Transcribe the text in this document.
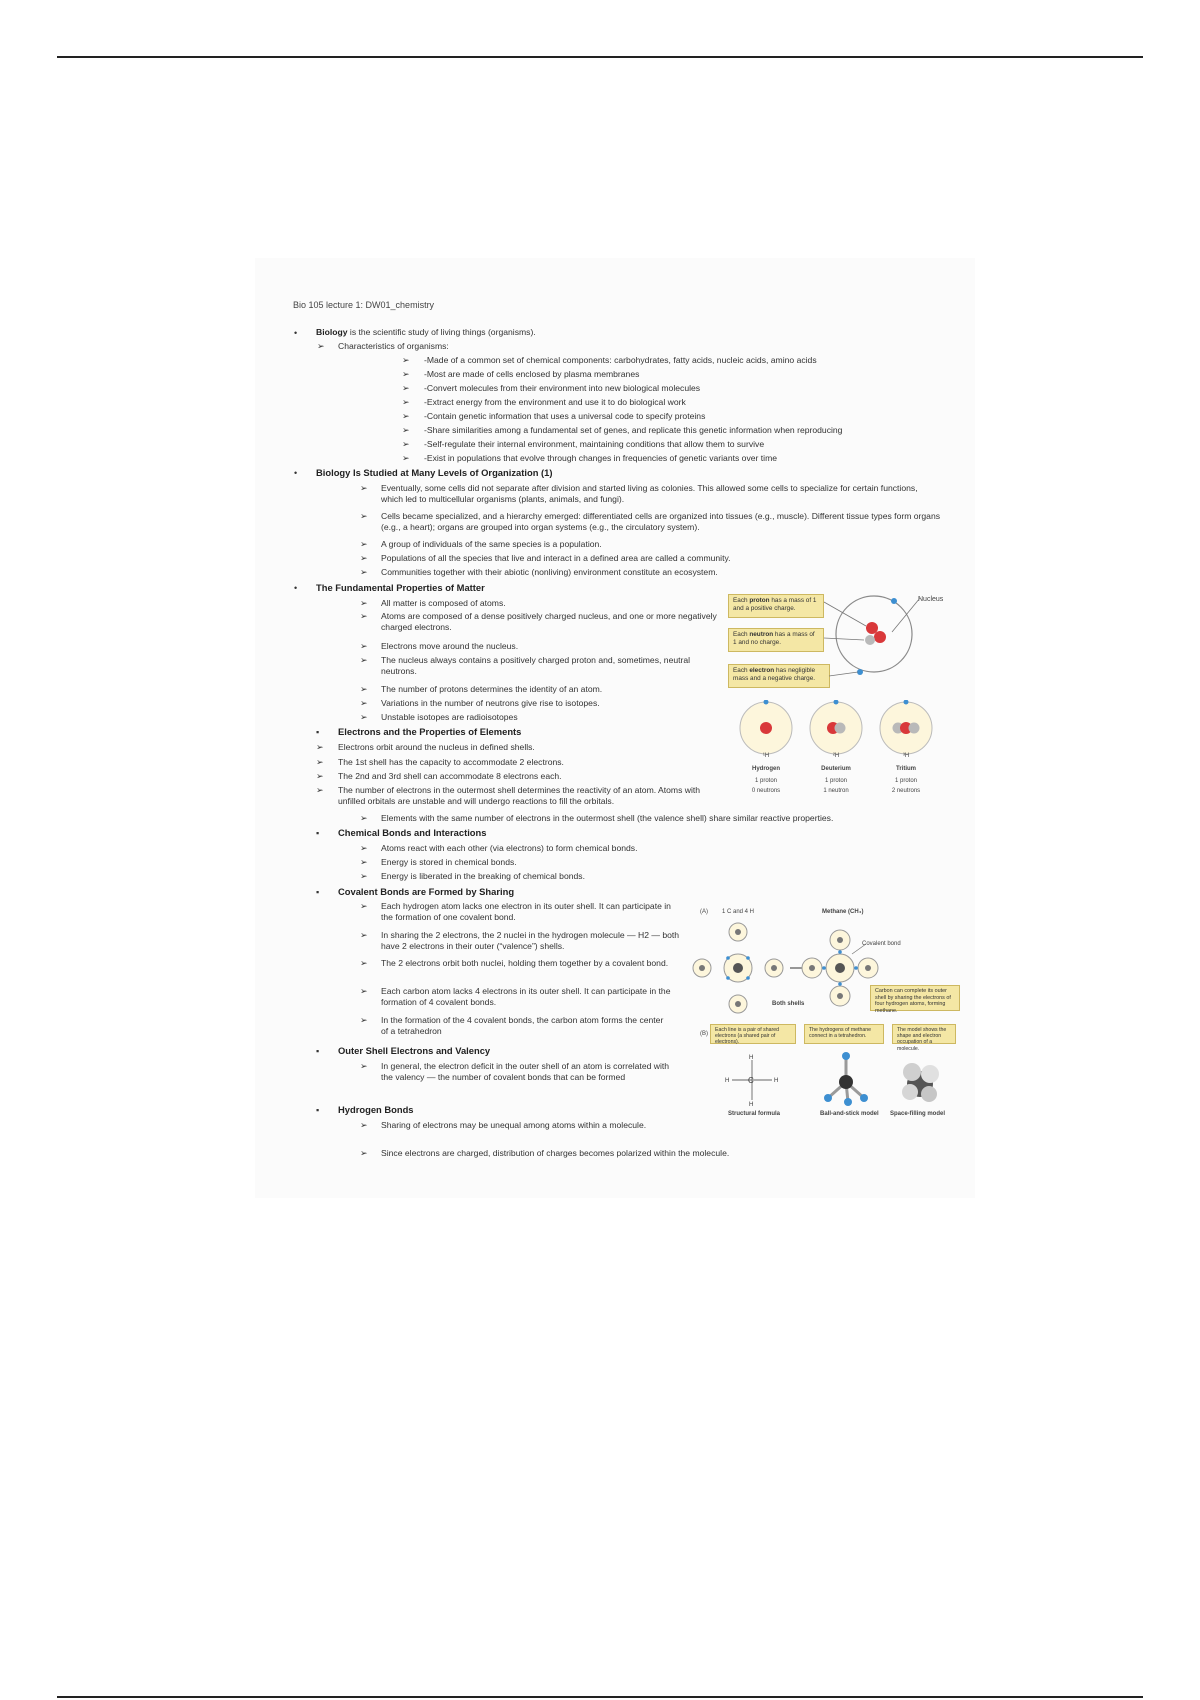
Bio 105 lecture 1: DW01_chemistry
• Biology is the scientific study of living things (organisms).
➢ Characteristics of organisms:
➢ -Made of a common set of chemical components: carbohydrates, fatty acids, nucleic acids, amino acids
➢ -Most are made of cells enclosed by plasma membranes
➢ -Convert molecules from their environment into new biological molecules
➢ -Extract energy from the environment and use it to do biological work
➢ -Contain genetic information that uses a universal code to specify proteins
➢ -Share similarities among a fundamental set of genes, and replicate this genetic information when reproducing
➢ -Self-regulate their internal environment, maintaining conditions that allow them to survive
➢ -Exist in populations that evolve through changes in frequencies of genetic variants over time
• Biology Is Studied at Many Levels of Organization (1)
➢ Eventually, some cells did not separate after division and started living as colonies. This allowed some cells to specialize for certain functions, which led to multicellular organisms (plants, animals, and fungi).
➢ Cells became specialized, and a hierarchy emerged: differentiated cells are organized into tissues (e.g., muscle). Different tissue types form organs (e.g., a heart); organs are grouped into organ systems (e.g., the circulatory system).
➢ A group of individuals of the same species is a population.
➢ Populations of all the species that live and interact in a defined area are called a community.
➢ Communities together with their abiotic (nonliving) environment constitute an ecosystem.
• The Fundamental Properties of Matter
➢ All matter is composed of atoms.
➢ Atoms are composed of a dense positively charged nucleus, and one or more negatively charged electrons.
➢ Electrons move around the nucleus.
➢ The nucleus always contains a positively charged proton and, sometimes, neutral neutrons.
➢ The number of protons determines the identity of an atom.
➢ Variations in the number of neutrons give rise to isotopes.
➢ Unstable isotopes are radioisotopes
▪ Electrons and the Properties of Elements
➢ Electrons orbit around the nucleus in defined shells.
➢ The 1st shell has the capacity to accommodate 2 electrons.
➢ The 2nd and 3rd shell can accommodate 8 electrons each.
➢ The number of electrons in the outermost shell determines the reactivity of an atom. Atoms with unfilled orbitals are unstable and will undergo reactions to fill the orbitals.
➢ Elements with the same number of electrons in the outermost shell (the valence shell) share similar reactive properties.
▪ Chemical Bonds and Interactions
➢ Atoms react with each other (via electrons) to form chemical bonds.
➢ Energy is stored in chemical bonds.
➢ Energy is liberated in the breaking of chemical bonds.
▪ Covalent Bonds are Formed by Sharing
➢ Each hydrogen atom lacks one electron in its outer shell. It can participate in the formation of one covalent bond.
➢ In sharing the 2 electrons, the 2 nuclei in the hydrogen molecule — H2 — both have 2 electrons in their outer (“valence”) shells.
➢ The 2 electrons orbit both nuclei, holding them together by a covalent bond.
➢ Each carbon atom lacks 4 electrons in its outer shell. It can participate in the formation of 4 covalent bonds.
➢ In the formation of the 4 covalent bonds, the carbon atom forms the center of a tetrahedron
▪ Outer Shell Electrons and Valency
➢ In general, the electron deficit in the outer shell of an atom is correlated with the valency — the number of covalent bonds that can be formed
▪ Hydrogen Bonds
➢ Sharing of electrons may be unequal among atoms within a molecule.
➢ Since electrons are charged, distribution of charges becomes polarized within the molecule.
Each proton has a mass of 1 and a positive charge.
Each neutron has a mass of 1 and no charge.
Each electron has negligible mass and a negative charge.
Nucleus
¹H
Hydrogen
1 proton
0 neutrons
²H
Deuterium
1 proton
1 neutron
³H
Tritium
1 proton
2 neutrons
(A) 1 C and 4 H	Methane (CH₄)
Covalent bond
Both shells
Carbon can complete its outer shell by sharing the electrons of four hydrogen atoms, forming methane.
(B)
Each line is a pair of shared electrons (a shared pair of electrons).
The hydrogens of methane connect in a tetrahedron.
The model shows the shape and electron occupation of a molecule.
C
H
H
H	H
Structural formula	Ball-and-stick model Space-filling model
